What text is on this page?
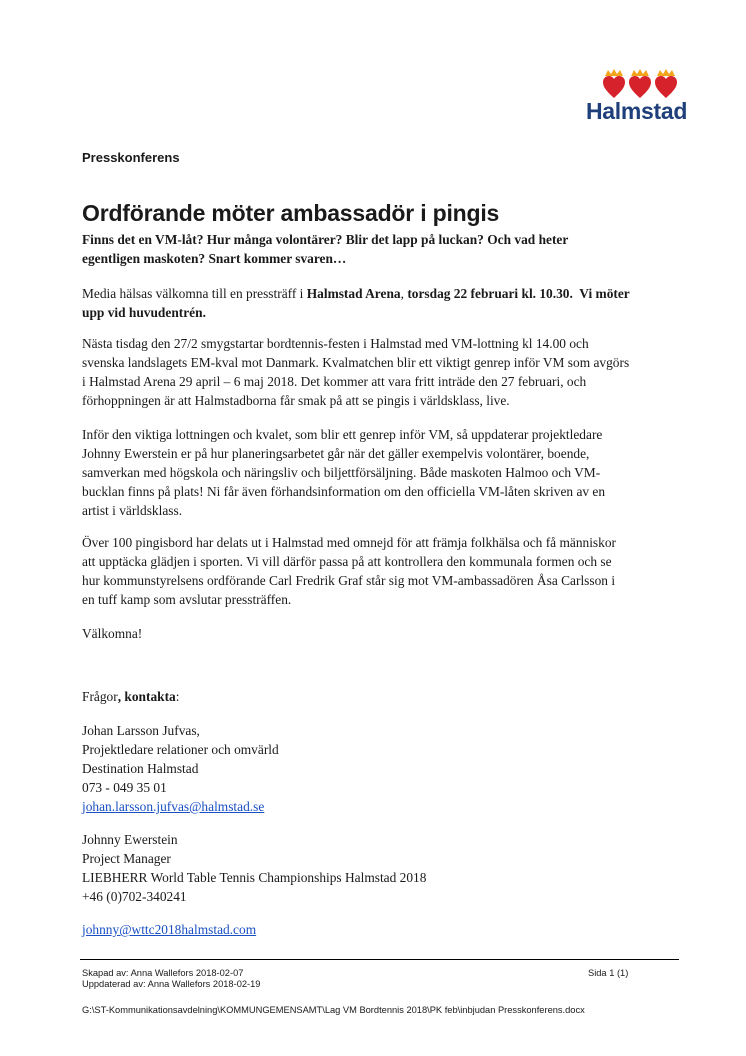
Halmstad
Presskonferens
Ordförande möter ambassadör i pingis
Finns det en VM-låt? Hur många volontärer? Blir det lapp på luckan? Och vad heter
egentligen maskoten? Snart kommer svaren…
Media hälsas välkomna till en pressträff i Halmstad Arena, torsdag 22 februari kl. 10.30.  Vi möter
upp vid huvudentrén.
Nästa tisdag den 27/2 smygstartar bordtennis-festen i Halmstad med VM-lottning kl 14.00 och
svenska landslagets EM-kval mot Danmark. Kvalmatchen blir ett viktigt genrep inför VM som avgörs
i Halmstad Arena 29 april – 6 maj 2018. Det kommer att vara fritt inträde den 27 februari, och
förhoppningen är att Halmstadborna får smak på att se pingis i världsklass, live.
Inför den viktiga lottningen och kvalet, som blir ett genrep inför VM, så uppdaterar projektledare
Johnny Ewerstein er på hur planeringsarbetet går när det gäller exempelvis volontärer, boende,
samverkan med högskola och näringsliv och biljettförsäljning. Både maskoten Halmoo och VM-
bucklan finns på plats! Ni får även förhandsinformation om den officiella VM-låten skriven av en
artist i världsklass.
Över 100 pingisbord har delats ut i Halmstad med omnejd för att främja folkhälsa och få människor
att upptäcka glädjen i sporten. Vi vill därför passa på att kontrollera den kommunala formen och se
hur kommunstyrelsens ordförande Carl Fredrik Graf står sig mot VM-ambassadören Åsa Carlsson i
en tuff kamp som avslutar pressträffen.
Välkomna!
Frågor, kontakta:
Johan Larsson Jufvas,
Projektledare relationer och omvärld
Destination Halmstad
073 - 049 35 01
johan.larsson.jufvas@halmstad.se
Johnny Ewerstein
Project Manager
LIEBHERR World Table Tennis Championships Halmstad 2018
+46 (0)702-340241
johnny@wttc2018halmstad.com
Skapad av: Anna Wallefors 2018-02-07
Uppdaterad av: Anna Wallefors 2018-02-19
Sida 1 (1)
G:\ST-Kommunikationsavdelning\KOMMUNGEMENSAMT\Lag VM Bordtennis 2018\PK feb\inbjudan Presskonferens.docx
